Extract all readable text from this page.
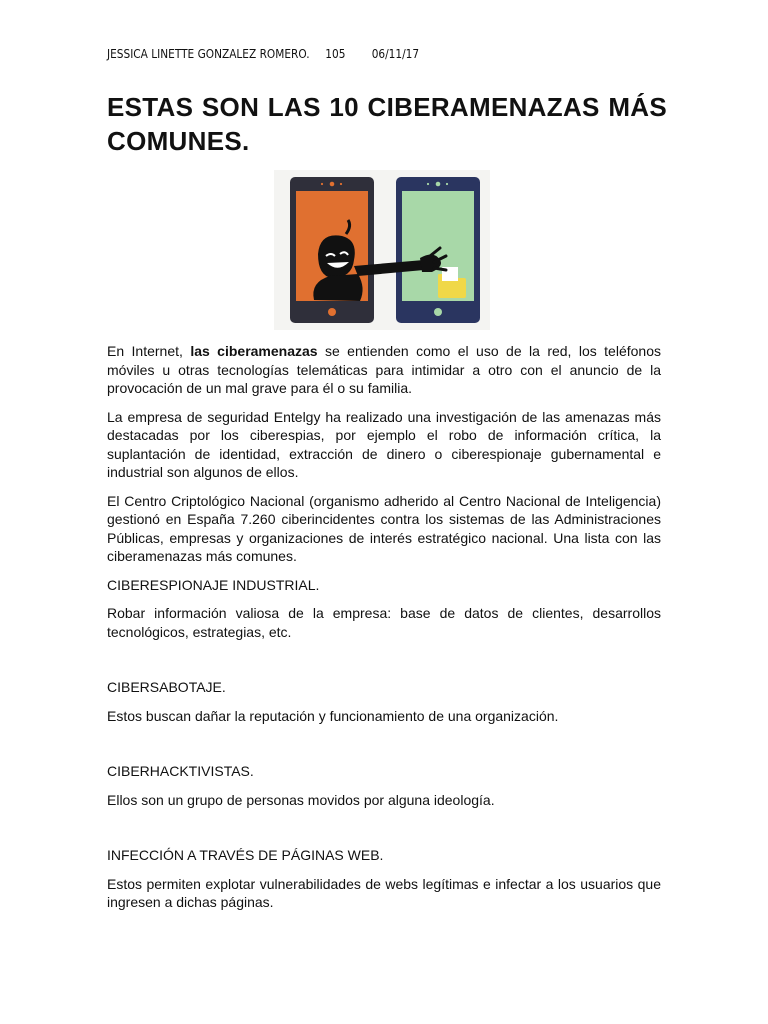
JESSICA LINETTE GONZALEZ ROMERO. 105 06/11/17
ESTAS SON LAS 10 CIBERAMENAZAS MÁS COMUNES.

En Internet, las ciberamenazas se entienden como el uso de la red, los teléfonos móviles u otras tecnologías telemáticas para intimidar a otro con el anuncio de la provocación de un mal grave para él o su familia.

La empresa de seguridad Entelgy ha realizado una investigación de las amenazas más destacadas por los ciberespias, por ejemplo el robo de información crítica, la suplantación de identidad, extracción de dinero o ciberespionaje gubernamental e industrial son algunos de ellos.

El Centro Criptológico Nacional (organismo adherido al Centro Nacional de Inteligencia) gestionó en España 7.260 ciberincidentes contra los sistemas de las Administraciones Públicas, empresas y organizaciones de interés estratégico nacional. Una lista con las ciberamenazas más comunes.

CIBERESPIONAJE INDUSTRIAL.

Robar información valiosa de la empresa: base de datos de clientes, desarrollos tecnológicos, estrategias, etc.

CIBERSABOTAJE.

Estos buscan dañar la reputación y funcionamiento de una organización.

CIBERHACKTIVISTAS.

Ellos son un grupo de personas movidos por alguna ideología.

INFECCIÓN A TRAVÉS DE PÁGINAS WEB.

Estos permiten explotar vulnerabilidades de webs legítimas e infectar a los usuarios que ingresen a dichas páginas.
